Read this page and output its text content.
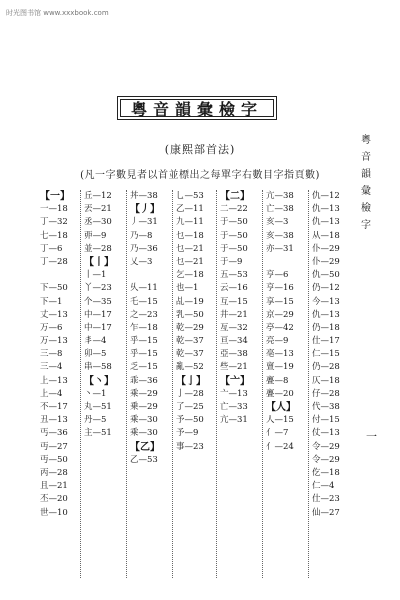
时光图书馆 www.xxxbook.com
粵音韻彙檢字
(康熙部首法)
(凡一字數見者以首並標出之每單字右數目字指頁數)
粵
音
韻
彙
檢
字
一
【一】
一—18
丁—32
七—18
丁—6
丁—28
下—50
下—1
丈—13
万—6
万—13
三—8
三—4
上—13
上—4
不—17
丑—13
丐—36
丏—27
丏—50
丙—28
且—21
丕—20
世—10
丘—12
丟—21
丞—30
丣—9
並—28
【丨】
丨—1
丫—23
个—35
中—17
中—17
丯—4
卯—5
串—58
【丶】
丶—1
丸—51
丹—5
主—51
丼—38
【丿】
丿—31
乃—8
乃—36
乂—3
乆—11
乇—15
之—23
乍—18
乎—15
乎—15
乏—15
乖—36
乘—29
乗—29
乘—30
乘—30
【乙】
乙—53
乚—53
乙—11
九—11
乜—18
乜—21
乜—21
乞—18
也—1
乩—19
乳—50
乾—29
乾—37
乾—37
亂—52
【亅】
亅—28
了—25
予—50
予—9
事—23
【二】
二—22
于—50
于—50
于—50
于—9
五—53
云—16
互—15
井—21
亙—32
亘—34
亞—38
些—21
【亠】
亠—13
亡—33
亢—31
亢—38
亡—38
亥—3
亥—38
亦—31
亨—6
亨—16
享—15
京—29
亭—42
亮—9
亳—13
亶—19
亹—8
亹—20
【人】
人—15
亻—7
亻—24
仇—12
仇—13
仇—13
从—18
仆—29
仆—29
仇—50
仍—12
今—13
仇—13
仍—18
仕—17
仁—15
仍—28
仄—18
仔—28
代—38
付—15
仗—13
令—29
令—29
仡—18
仁—4
仕—23
仙—27
